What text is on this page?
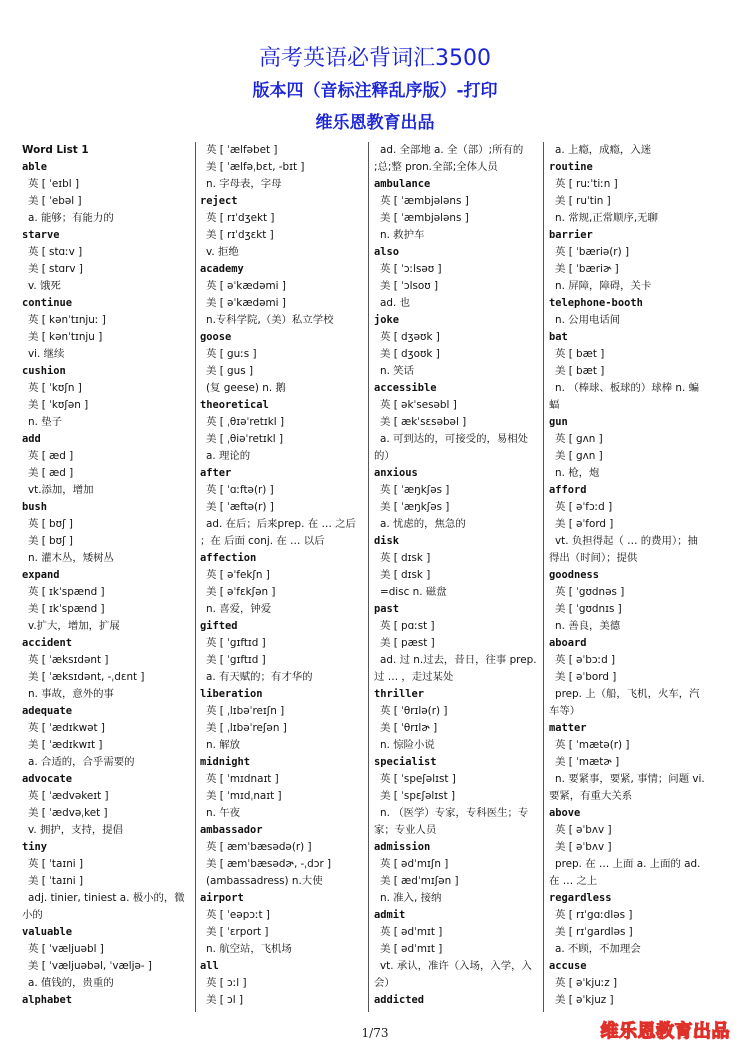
高考英语必背词汇3500
版本四（音标注释乱序版）-打印
维乐恩教育出品
Word List 1
able
英 [ ˈeɪbl ]
美 [ ˈebəl ]
a. 能够；有能力的
starve
英 [ stɑːv ]
美 [ stɑrv ]
v. 饿死
continue
英 [ kənˈtɪnjuː ]
美 [ kənˈtɪnju ]
vi. 继续
cushion
英 [ ˈkʊʃn ]
美 [ ˈkʊʃən ]
n. 垫子
add
英 [ æd ]
美 [ æd ]
vt.添加，增加
bush
英 [ bʊʃ ]
美 [ bʊʃ ]
n. 灌木丛，矮树丛
expand
英 [ ɪkˈspænd ]
美 [ ɪkˈspænd ]
v.扩大，增加，扩展
accident
英 [ ˈæksɪdənt ]
美 [ ˈæksɪdənt, -ˌdɛnt ]
n. 事故，意外的事
adequate
英 [ ˈædɪkwət ]
美 [ ˈædɪkwɪt ]
a. 合适的，合乎需要的
advocate
英 [ ˈædvəkeɪt ]
美 [ ˈædvəˌket ]
v. 拥护，支持，提倡
tiny
英 [ ˈtaɪni ]
美 [ ˈtaɪni ]
adj. tinier, tiniest a. 极小的，微
小的
valuable
英 [ ˈvæljuəbl ]
美 [ ˈvæljuəbəl, ˈvæljə- ]
a. 值钱的，贵重的
alphabet
英 [ ˈælfəbet ]
美 [ ˈælfəˌbɛt, -bɪt ]
n. 字母表，字母
reject
英 [ rɪˈdʒekt ]
美 [ rɪˈdʒɛkt ]
v. 拒绝
academy
英 [ əˈkædəmi ]
美 [ əˈkædəmi ]
n.专科学院,（美）私立学校
goose
英 [ guːs ]
美 [ gus ]
(复 geese) n. 鹅
theoretical
英 [ ˌθɪəˈretɪkl ]
美 [ ˌθiəˈretɪkl ]
a. 理论的
after
英 [ ˈɑːftə(r) ]
美 [ ˈæftə(r) ]
ad. 在后；后来prep. 在 … 之后
；在 后面 conj. 在 … 以后
affection
英 [ əˈfekʃn ]
美 [ əˈfɛkʃən ]
n. 喜爱，钟爱
gifted
英 [ ˈgɪftɪd ]
美 [ ˈgɪftɪd ]
a. 有天赋的；有才华的
liberation
英 [ ˌlɪbəˈreɪʃn ]
美 [ ˌlɪbəˈreʃən ]
n. 解放
midnight
英 [ ˈmɪdnaɪt ]
美 [ ˈmɪdˌnaɪt ]
n. 午夜
ambassador
英 [ æmˈbæsədə(r) ]
美 [ æmˈbæsədɚ, -ˌdɔr ]
(ambassadress) n.大使
airport
英 [ ˈeəpɔːt ]
美 [ ˈɛrport ]
n. 航空站，飞机场
all
英 [ ɔːl ]
美 [ ɔl ]
ad. 全部地 a. 全（部）;所有的
;总;整 pron.全部;全体人员
ambulance
英 [ ˈæmbjələns ]
美 [ ˈæmbjələns ]
n. 救护车
also
英 [ ˈɔːlsəʊ ]
美 [ ˈɔlsoʊ ]
ad. 也
joke
英 [ dʒəʊk ]
美 [ dʒoʊk ]
n. 笑话
accessible
英 [ əkˈsesəbl ]
美 [ ækˈsɛsəbəl ]
a. 可到达的，可接受的，易相处
的）
anxious
英 [ ˈæŋkʃəs ]
美 [ ˈæŋkʃəs ]
a. 忧虑的，焦急的
disk
英 [ dɪsk ]
美 [ dɪsk ]
=disc n. 磁盘
past
英 [ pɑːst ]
美 [ pæst ]
ad. 过 n.过去，昔日，往事 prep.
过 … ，走过某处
thriller
英 [ ˈθrɪlə(r) ]
美 [ ˈθrɪlɚ ]
n. 惊险小说
specialist
英 [ ˈspeʃəlɪst ]
美 [ ˈspɛʃəlɪst ]
n. （医学）专家，专科医生；专
家；专业人员
admission
英 [ ədˈmɪʃn ]
美 [ ædˈmɪʃən ]
n. 准入, 接纳
admit
英 [ ədˈmɪt ]
美 [ ədˈmɪt ]
vt. 承认，准许（入场，入学，入
会）
addicted
a. 上瘾，成瘾，入迷
routine
英 [ ruːˈtiːn ]
美 [ ruˈtin ]
n. 常规,正常顺序,无聊
barrier
英 [ ˈbæriə(r) ]
美 [ ˈbæriɚ ]
n. 屏障，障碍，关卡
telephone-booth
n. 公用电话间
bat
英 [ bæt ]
美 [ bæt ]
n. （棒球、板球的）球棒 n. 蝙
蝠
gun
英 [ gʌn ]
美 [ gʌn ]
n. 枪，炮
afford
英 [ əˈfɔːd ]
美 [ əˈford ]
vt. 负担得起（ … 的费用）；抽
得出（时间）；提供
goodness
英 [ ˈgʊdnəs ]
美 [ ˈgʊdnɪs ]
n. 善良，美德
aboard
英 [ əˈbɔːd ]
美 [ əˈbord ]
prep. 上（船，飞机，火车，汽
车等）
matter
英 [ ˈmætə(r) ]
美 [ ˈmætɚ ]
n. 要紧事，要紧, 事情；问题 vi.
要紧，有重大关系
above
英 [ əˈbʌv ]
美 [ əˈbʌv ]
prep. 在 … 上面 a. 上面的 ad.
在 … 之上
regardless
英 [ rɪˈgɑːdləs ]
美 [ rɪˈgardləs ]
a. 不顾，不加理会
accuse
英 [ əˈkjuːz ]
美 [ əˈkjuz ]
1/73	维乐恩教育出品
